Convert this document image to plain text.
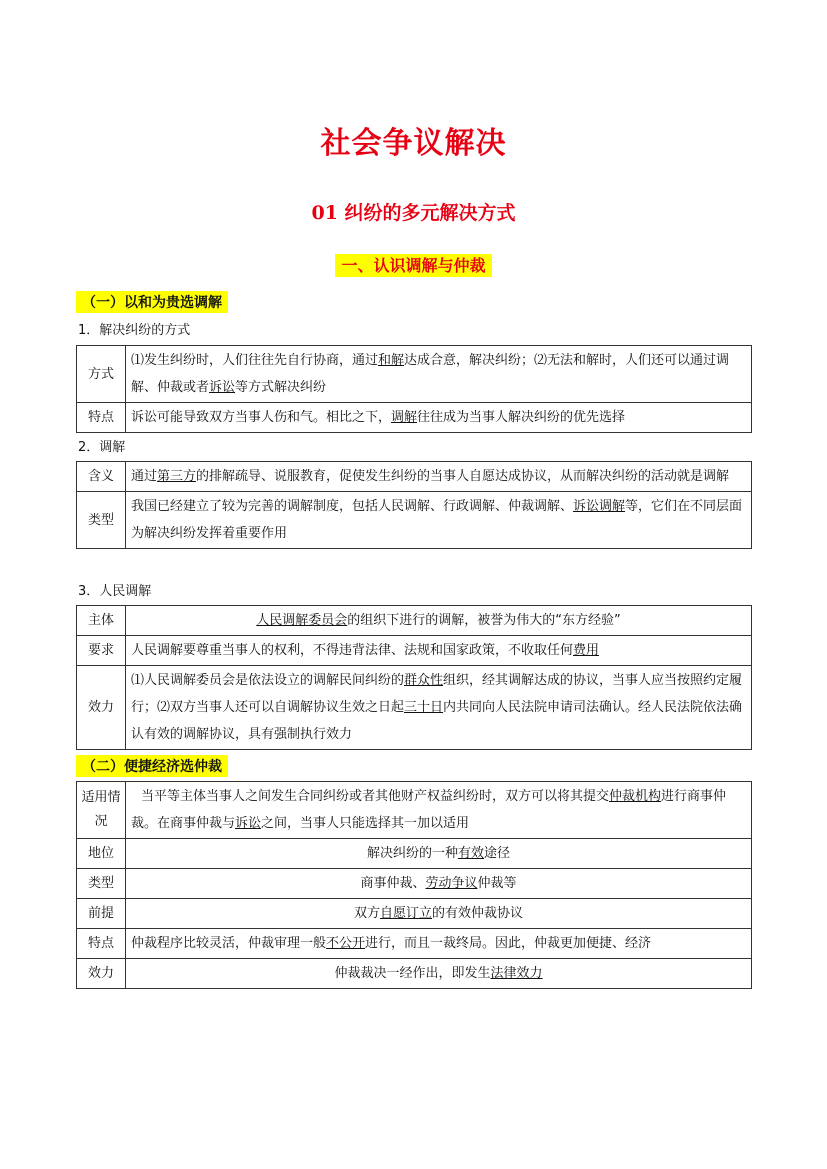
社会争议解决
01 纠纷的多元解决方式
一、认识调解与仲裁
（一）以和为贵选调解
1．解决纠纷的方式
方式	⑴发生纠纷时，人们往往先自行协商，通过和解达成合意，解决纠纷；⑵无法和解时，人们还可以通过调解、仲裁或者诉讼等方式解决纠纷
特点	诉讼可能导致双方当事人伤和气。相比之下，调解往往成为当事人解决纠纷的优先选择
2．调解
含义	通过第三方的排解疏导、说服教育，促使发生纠纷的当事人自愿达成协议，从而解决纠纷的活动就是调解
类型	我国已经建立了较为完善的调解制度，包括人民调解、行政调解、仲裁调解、诉讼调解等，它们在不同层面为解决纠纷发挥着重要作用
3．人民调解
主体	人民调解委员会的组织下进行的调解，被誉为伟大的“东方经验”
要求	人民调解要尊重当事人的权利，不得违背法律、法规和国家政策，不收取任何费用
效力	⑴人民调解委员会是依法设立的调解民间纠纷的群众性组织，经其调解达成的协议，当事人应当按照约定履行；⑵双方当事人还可以自调解协议生效之日起三十日内共同向人民法院申请司法确认。经人民法院依法确认有效的调解协议，具有强制执行效力
（二）便捷经济选仲裁
适用情况	当平等主体当事人之间发生合同纠纷或者其他财产权益纠纷时，双方可以将其提交仲裁机构进行商事仲裁。在商事仲裁与诉讼之间，当事人只能选择其一加以适用
地位	解决纠纷的一种有效途径
类型	商事仲裁、劳动争议仲裁等
前提	双方自愿订立的有效仲裁协议
特点	仲裁程序比较灵活，仲裁审理一般不公开进行，而且一裁终局。因此，仲裁更加便捷、经济
效力	仲裁裁决一经作出，即发生法律效力
